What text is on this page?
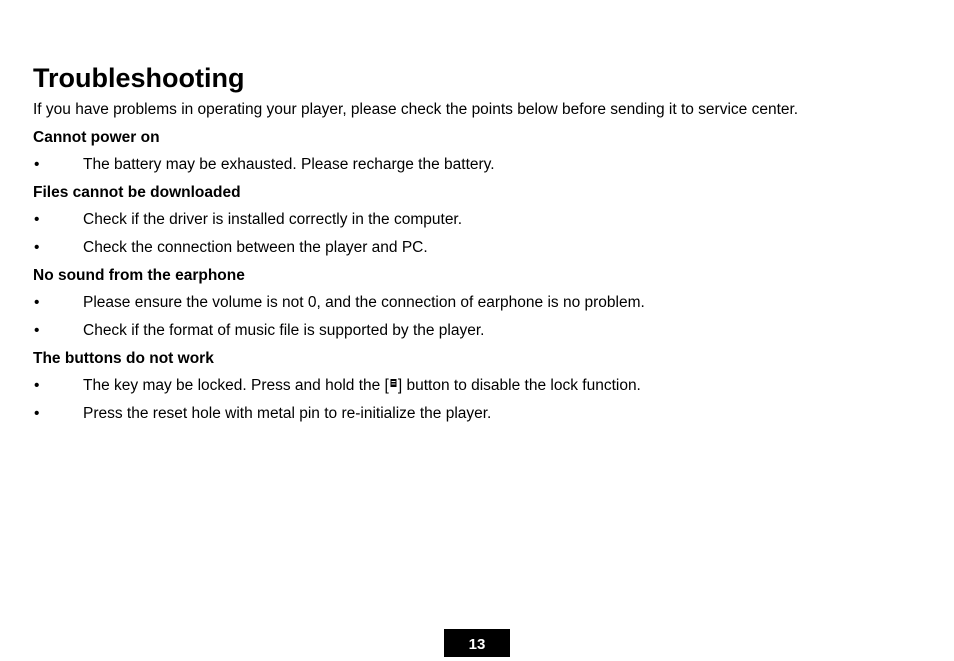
Troubleshooting

If you have problems in operating your player, please check the points below before sending it to service center.

Cannot power on

•	The battery may be exhausted. Please recharge the battery.

Files cannot be downloaded

•	Check if the driver is installed correctly in the computer.
•	Check the connection between the player and PC.

No sound from the earphone

•	Please ensure the volume is not 0, and the connection of earphone is no problem.
•	Check if the format of music file is supported by the player.

The buttons do not work

•	The key may be locked. Press and hold the [ ] button to disable the lock function.
•	Press the reset hole with metal pin to re-initialize the player.
13
